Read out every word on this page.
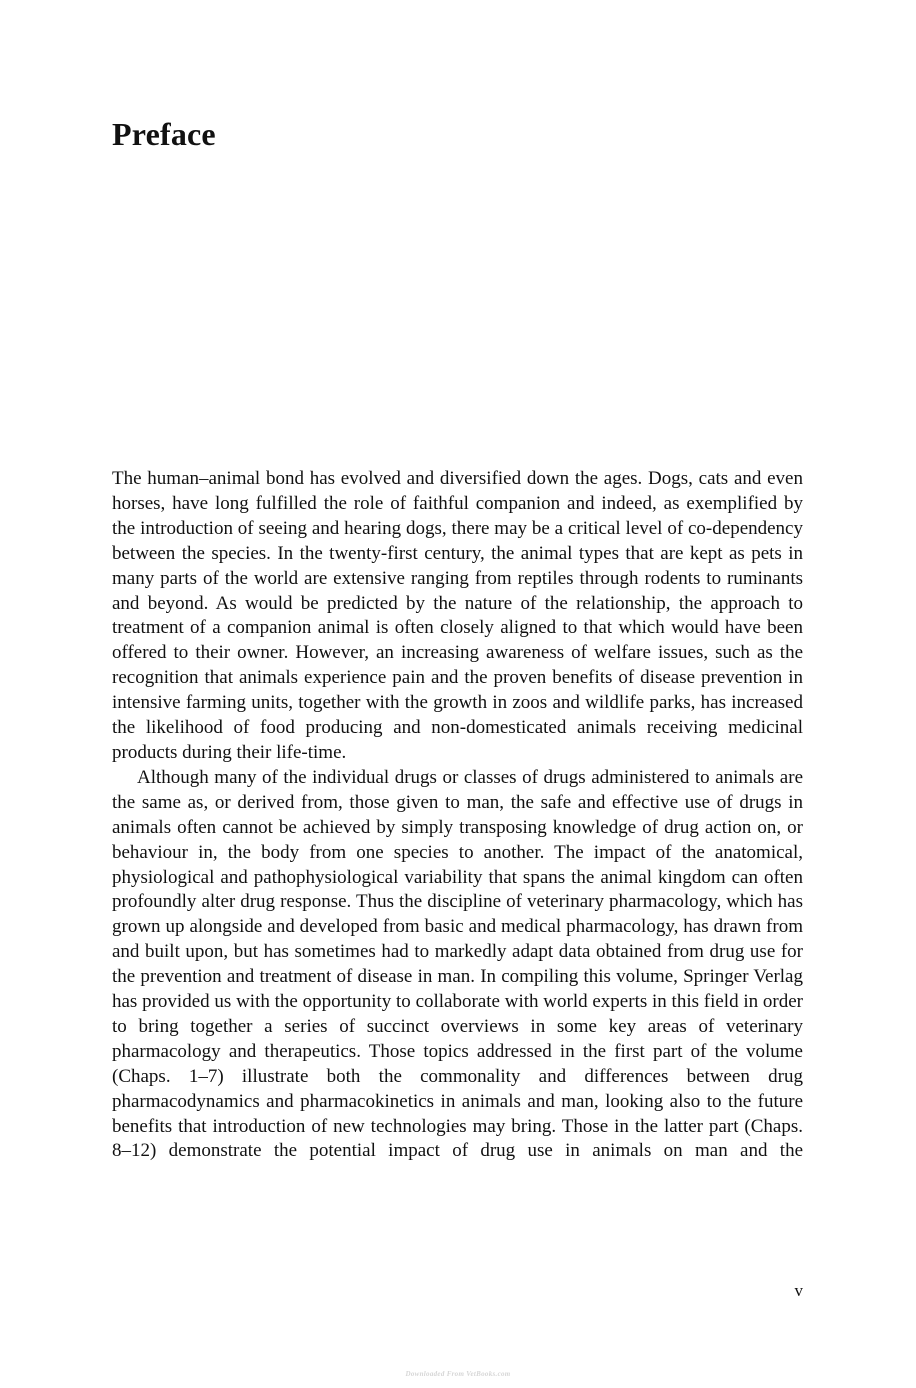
Preface

The human–animal bond has evolved and diversified down the ages. Dogs, cats and even horses, have long fulfilled the role of faithful companion and indeed, as exemplified by the introduction of seeing and hearing dogs, there may be a critical level of co-dependency between the species. In the twenty-first century, the animal types that are kept as pets in many parts of the world are extensive ranging from reptiles through rodents to ruminants and beyond. As would be predicted by the nature of the relationship, the approach to treatment of a companion animal is often closely aligned to that which would have been offered to their owner. However, an increasing awareness of welfare issues, such as the recognition that animals experience pain and the proven benefits of disease prevention in intensive farming units, together with the growth in zoos and wildlife parks, has increased the likelihood of food producing and non-domesticated animals receiving medicinal products during their life-time.

Although many of the individual drugs or classes of drugs administered to animals are the same as, or derived from, those given to man, the safe and effective use of drugs in animals often cannot be achieved by simply transposing knowledge of drug action on, or behaviour in, the body from one species to another. The impact of the anatomical, physiological and pathophysiological variability that spans the animal kingdom can often profoundly alter drug response. Thus the discipline of veterinary pharmacology, which has grown up alongside and developed from basic and medical pharmacology, has drawn from and built upon, but has sometimes had to markedly adapt data obtained from drug use for the prevention and treatment of disease in man. In compiling this volume, Springer Verlag has provided us with the opportunity to collaborate with world experts in this field in order to bring together a series of succinct overviews in some key areas of veterinary pharmacology and therapeutics. Those topics addressed in the first part of the volume (Chaps. 1–7) illustrate both the commonality and differences between drug pharmacodynamics and pharmacokinetics in animals and man, looking also to the future benefits that introduction of new technologies may bring. Those in the latter part (Chaps. 8–12) demonstrate the potential impact of drug use in animals on man and the

v
Downloaded From VetBooks.com
